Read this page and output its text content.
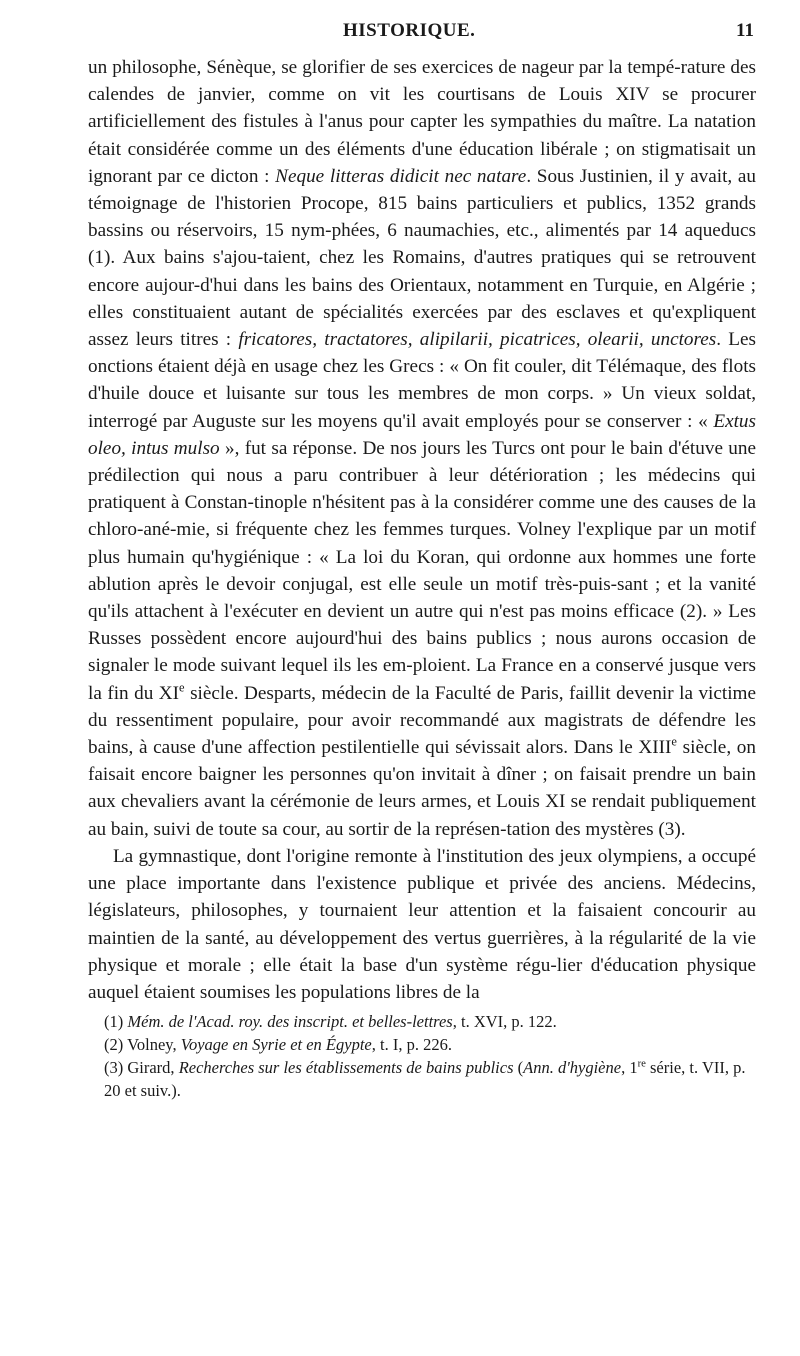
HISTORIQUE.	11

un philosophe, Sénèque, se glorifier de ses exercices de nageur par la tempé-rature des calendes de janvier, comme on vit les courtisans de Louis XIV se procurer artificiellement des fistules à l'anus pour capter les sympathies du maître. La natation était considérée comme un des éléments d'une éducation libérale ; on stigmatisait un ignorant par ce dicton : Neque litteras didicit nec natare. Sous Justinien, il y avait, au témoignage de l'historien Procope, 815 bains particuliers et publics, 1352 grands bassins ou réservoirs, 15 nym-phées, 6 naumachies, etc., alimentés par 14 aqueducs (1). Aux bains s'ajou-taient, chez les Romains, d'autres pratiques qui se retrouvent encore aujour-d'hui dans les bains des Orientaux, notamment en Turquie, en Algérie ; elles constituaient autant de spécialités exercées par des esclaves et qu'expliquent assez leurs titres : fricatores, tractatores, alipilarii, picatrices, olearii, unctores. Les onctions étaient déjà en usage chez les Grecs : « On fit couler, dit Télémaque, des flots d'huile douce et luisante sur tous les membres de mon corps. » Un vieux soldat, interrogé par Auguste sur les moyens qu'il avait employés pour se conserver : « Extus oleo, intus mulso », fut sa réponse. De nos jours les Turcs ont pour le bain d'étuve une prédilection qui nous a paru contribuer à leur détérioration ; les médecins qui pratiquent à Constan-tinople n'hésitent pas à la considérer comme une des causes de la chloro-ané-mie, si fréquente chez les femmes turques. Volney l'explique par un motif plus humain qu'hygiénique : « La loi du Koran, qui ordonne aux hommes une forte ablution après le devoir conjugal, est elle seule un motif très-puis-sant ; et la vanité qu'ils attachent à l'exécuter en devient un autre qui n'est pas moins efficace (2). » Les Russes possèdent encore aujourd'hui des bains publics ; nous aurons occasion de signaler le mode suivant lequel ils les em-ploient. La France en a conservé jusque vers la fin du XIe siècle. Desparts, médecin de la Faculté de Paris, faillit devenir la victime du ressentiment populaire, pour avoir recommandé aux magistrats de défendre les bains, à cause d'une affection pestilentielle qui sévissait alors. Dans le XIIIe siècle, on faisait encore baigner les personnes qu'on invitait à dîner ; on faisait prendre un bain aux chevaliers avant la cérémonie de leurs armes, et Louis XI se rendait publiquement au bain, suivi de toute sa cour, au sortir de la représen-tation des mystères (3).

La gymnastique, dont l'origine remonte à l'institution des jeux olympiens, a occupé une place importante dans l'existence publique et privée des anciens. Médecins, législateurs, philosophes, y tournaient leur attention et la faisaient concourir au maintien de la santé, au développement des vertus guerrières, à la régularité de la vie physique et morale ; elle était la base d'un système régu-lier d'éducation physique auquel étaient soumises les populations libres de la

(1) Mém. de l'Acad. roy. des inscript. et belles-lettres, t. XVI, p. 122.

(2) Volney, Voyage en Syrie et en Égypte, t. I, p. 226.

(3) Girard, Recherches sur les établissements de bains publics (Ann. d'hygiène, 1re série, t. VII, p. 20 et suiv.).
